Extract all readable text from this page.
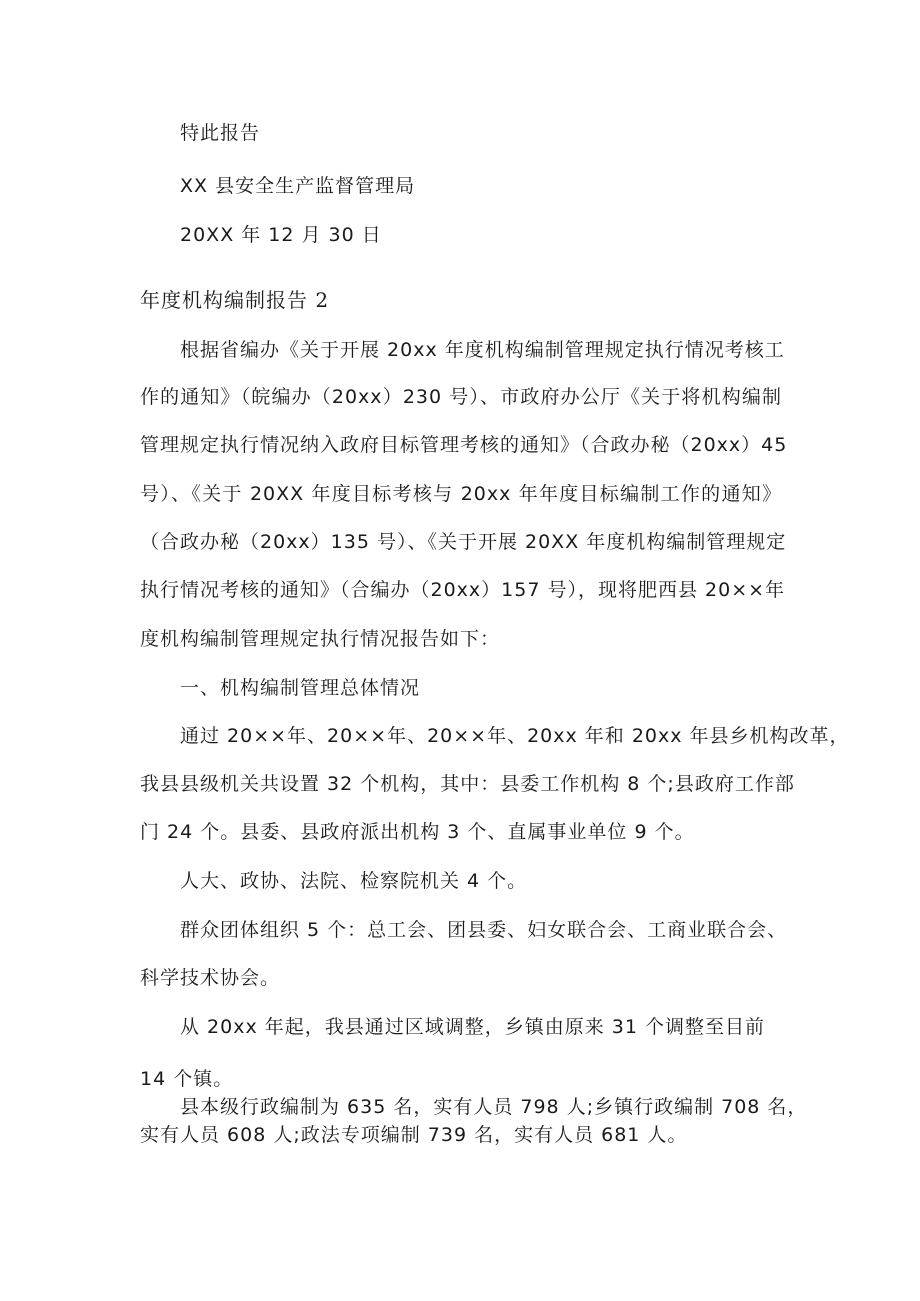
特此报告
XX 县安全生产监督管理局
20XX 年 12 月 30 日
年度机构编制报告 2
根据省编办《关于开展 20xx 年度机构编制管理规定执行情况考核工
作的通知》（皖编办（20xx）230 号）、市政府办公厅《关于将机构编制
管理规定执行情况纳入政府目标管理考核的通知》（合政办秘（20xx）45
号）、《关于 20XX 年度目标考核与 20xx 年年度目标编制工作的通知》
（合政办秘（20xx）135 号）、《关于开展 20XX 年度机构编制管理规定
执行情况考核的通知》（合编办（20xx）157 号），现将肥西县 20××年
度机构编制管理规定执行情况报告如下：
一、机构编制管理总体情况
通过 20××年、20××年、20××年、20xx 年和 20xx 年县乡机构改革，
我县县级机关共设置 32 个机构，其中：县委工作机构 8 个;县政府工作部
门 24 个。县委、县政府派出机构 3 个、直属事业单位 9 个。
人大、政协、法院、检察院机关 4 个。
群众团体组织 5 个：总工会、团县委、妇女联合会、工商业联合会、
科学技术协会。
从 20xx 年起，我县通过区域调整，乡镇由原来 31 个调整至目前
14 个镇。
县本级行政编制为 635 名，实有人员 798 人;乡镇行政编制 708 名，
实有人员 608 人;政法专项编制 739 名，实有人员 681 人。
